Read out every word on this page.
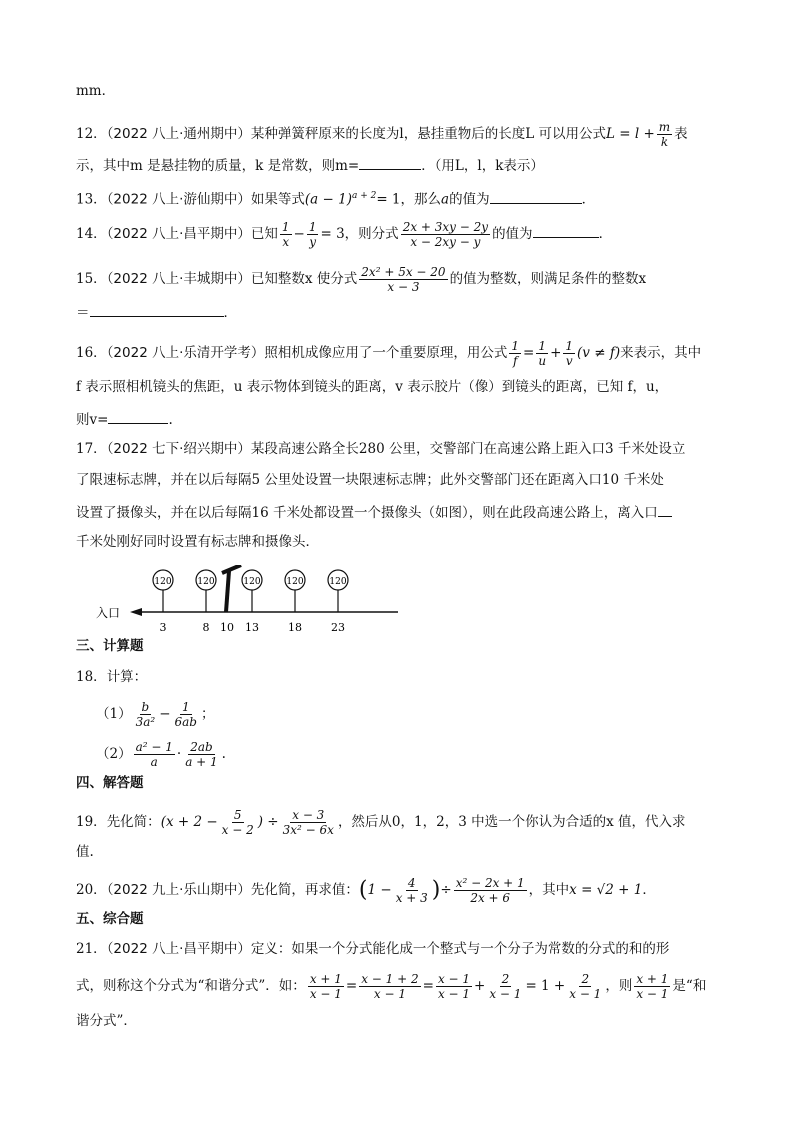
mm．
12．（2022 八上·通州期中）某种弹簧秤原来的长度为l，悬挂重物后的长度L 可以用公式$L = l + \frac{m}{k}$ 表
示，其中m 是悬挂物的质量，k 是常数，则m=	．（用L，l，k表示）
13．（2022 八上·游仙期中）如果等式$(a - 1)^{a + 2}= 1$，那么a的值为	．
14．（2022 八上·昌平期中）已知 $\frac{1}{x} - \frac{1}{y} = 3$，则分式 $\frac{2x + 3xy - 2y}{x - 2xy - y}$ 的值为	．
15．（2022 八上·丰城期中）已知整数x 使分式 $\frac{\text{2x² + 5x − 20}}{x - 3}$ 的值为整数，则满足条件的整数x
＝	．
16．（2022 八上·乐清开学考）照相机成像应用了一个重要原理，用公式 $\frac{1}{f} = \frac{1}{u} + \frac{1}{v} (v \ne f)$来表示，其中
f 表示照相机镜头的焦距，u 表示物体到镜头的距离，v 表示胶片（像）到镜头的距离，已知 f，u，
则v=	.
17．（2022 七下·绍兴期中）某段高速公路全长280 公里，交警部门在高速公路上距入口3 千米处设立
了限速标志牌，并在以后每隔5 公里处设置一块限速标志牌；此外交警部门还在距离入口10 千米处
设置了摄像头，并在以后每隔16 千米处都设置一个摄像头（如图），则在此段高速公路上，离入口
千米处刚好同时设置有标志牌和摄像头．
入口
120
3
120
8
120
13
120
18
120
23
10
三、计算题
18．计算：
$(1) \frac{b}{\text{3a²}} - \frac{1}{6ab}$ ；
$(2) \frac{\text{a² − 1}}{a} \cdot \frac{2ab}{a + 1}$ .
四、解答题
19．先化简：($x + 2 - \frac{5}{x - 2}$ ) ÷ $\frac{x - 3}{\text{3x² − 6x}}$ ，然后从0，1，2，3 中选一个你认为合适的x 值，代入求
值.
20．（2022 九上·乐山期中）先化简，再求值：($1 - \frac{4}{x + 3}$ )÷ $\frac{\text{x² − 2x + 1}}{2x + 6}$ ，其中x = √2 + 1．
五、综合题
21．（2022 八上·昌平期中）定义：如果一个分式能化成一个整式与一个分子为常数的分式的和的形
式，则称这个分式为“和谐分式”．如： $\frac{x + 1}{x - 1} = \frac{x - 1 + 2}{x - 1} = \frac{x - 1}{x - 1} + \frac{2}{x - 1} = 1 + \frac{2}{x - 1}$ ，则 $\frac{x + 1}{x - 1}$ 是“和
谐分式”．
